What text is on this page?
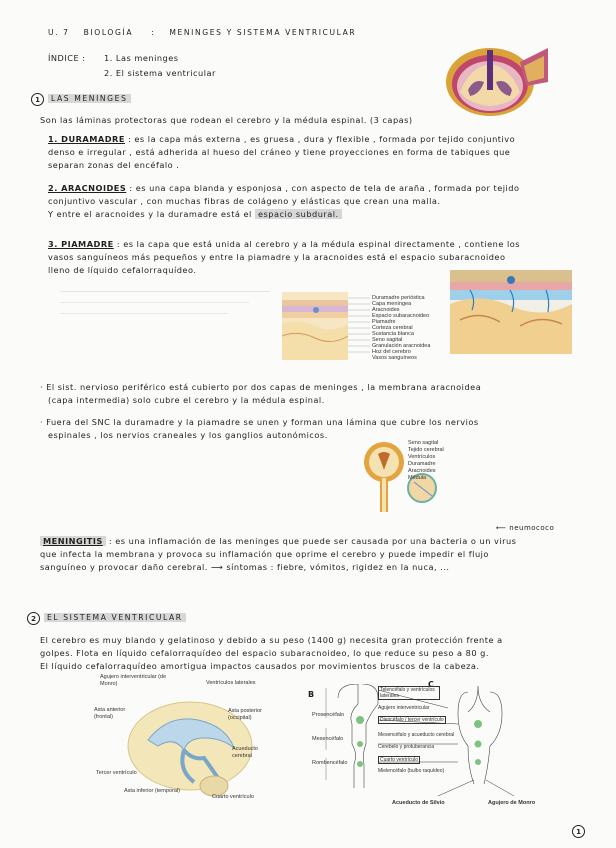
U. 7 BIOLOGÍA : MENINGES Y SISTEMA VENTRICULAR
ÍNDICE : 1. Las meninges
2. El sistema ventricular
1	LAS MENINGES
Son las láminas protectoras que rodean el cerebro y la médula espinal. (3 capas)

1. DURAMADRE : es la capa más externa , es gruesa , dura y flexible , formada por tejido conjuntivo

denso e irregular , está adherida al hueso del cráneo y tiene proyecciones en forma de tabiques que

separan zonas del encéfalo .

2. ARACNOIDES : es una capa blanda y esponjosa , con aspecto de tela de araña , formada por tejido

conjuntivo vascular , con muchas fibras de colágeno y elásticas que crean una malla.

Y entre el aracnoides y la duramadre está el espacio subdural.

3. PIAMADRE : es la capa que está unida al cerebro y a la médula espinal directamente , contiene los

vasos sanguíneos más pequeños y entre la piamadre y la aracnoides está el espacio subaracnoideo

lleno de líquido cefalorraquídeo.

Duramadre perióstica
Capa meníngea
Aracnoides
Espacio subaracnoideo
Piamadre
Corteza cerebral
Sustancia blanca
Seno sagital
Granulación aracnoidea
Hoz del cerebro
Vasos sanguíneos

· El sist. nervioso periférico está cubierto por dos capas de meninges , la membrana aracnoidea

(capa intermedia) solo cubre el cerebro y la médula espinal.

· Fuera del SNC la duramadre y la piamadre se unen y forman una lámina que cubre los nervios

espinales , los nervios craneales y los ganglios autonómicos.

Seno sagital
Tejido cerebral
Ventrículos
Duramadre
Aracnoides
Médula
⟵ neumococo

MENINGITIS : es una inflamación de las meninges que puede ser causada por una bacteria o un virus

que infecta la membrana y provoca su inflamación que oprime el cerebro y puede impedir el flujo

sanguíneo y provocar daño cerebral. ⟶ síntomas : fiebre, vómitos, rigidez en la nuca, ...

2	EL SISTEMA VENTRICULAR

El cerebro es muy blando y gelatinoso y debido a su peso (1400 g) necesita gran protección frente a

golpes. Flota en líquido cefalorraquídeo del espacio subaracnoideo, lo que reduce su peso a 80 g.

El líquido cefalorraquídeo amortigua impactos causados por movimientos bruscos de la cabeza.

Agujero interventricular (de Monro)	Ventrículos laterales
Asta anterior (frontal)
Asta posterior (occipital)
Acueducto cerebral
Tercer ventrículo
Asta inferior (temporal)
Cuarto ventrículo
B
C
Prosencéfalo
Mesencéfalo
Rombencéfalo
Telencéfalo y ventrículos laterales
Agujero interventricular
Diencéfalo / tercer ventrículo
Mesencéfalo y acueducto cerebral
Cerebelo y protuberancia
Cuarto ventrículo
Mielencéfalo (bulbo raquídeo)
Acueducto de Silvio	Agujero de Monro
1
